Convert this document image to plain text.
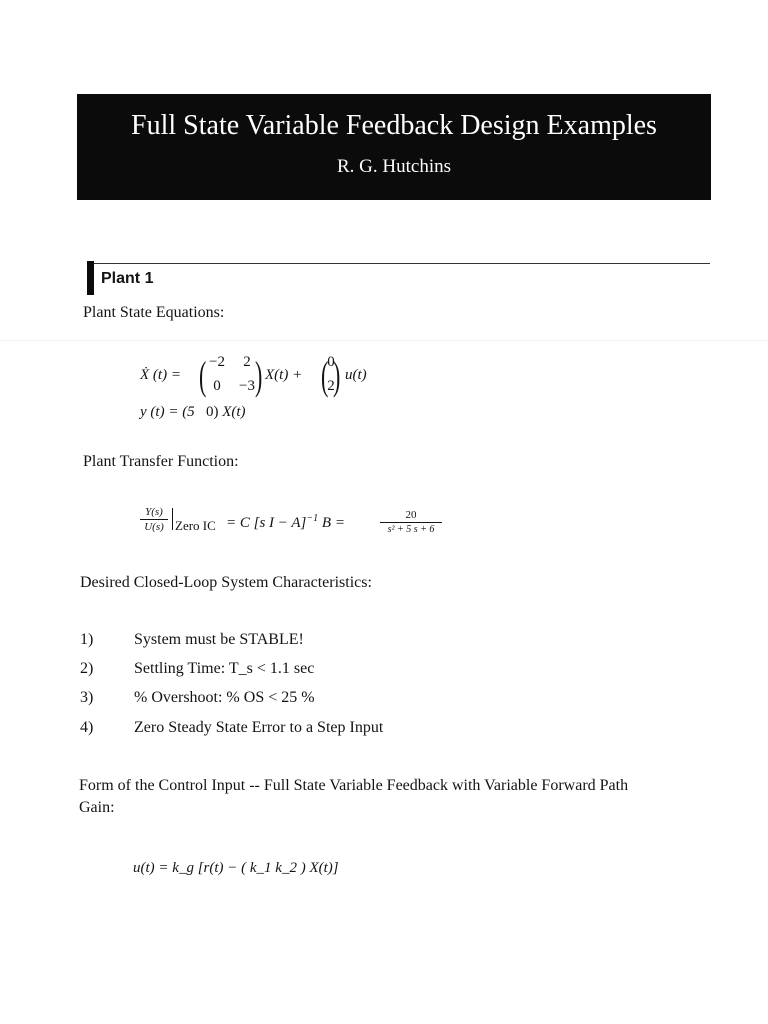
Full State Variable Feedback Design Examples
R. G. Hutchins
Plant 1
Plant State Equations:
Ẋ (t) = ( −2	2
0	−3 ) X(t) + (
0
2
) u(t)
y (t) = (5 0) X(t)
Plant Transfer Function:
Y(s)
U(s) Zero IC = C [s I − A]$^{-1}$ B =	20
s² + 5 s + 6
Desired Closed-Loop System Characteristics:
1)	System must be STABLE!
2)	Settling Time: T_s < 1.1 sec
3)	% Overshoot: % OS < 25 %
4)	Zero Steady State Error to a Step Input
Form of the Control Input -- Full State Variable Feedback with Variable Forward Path
Gain:
u(t) = k_g [r(t) − ( k_1 k_2 ) X(t)]
